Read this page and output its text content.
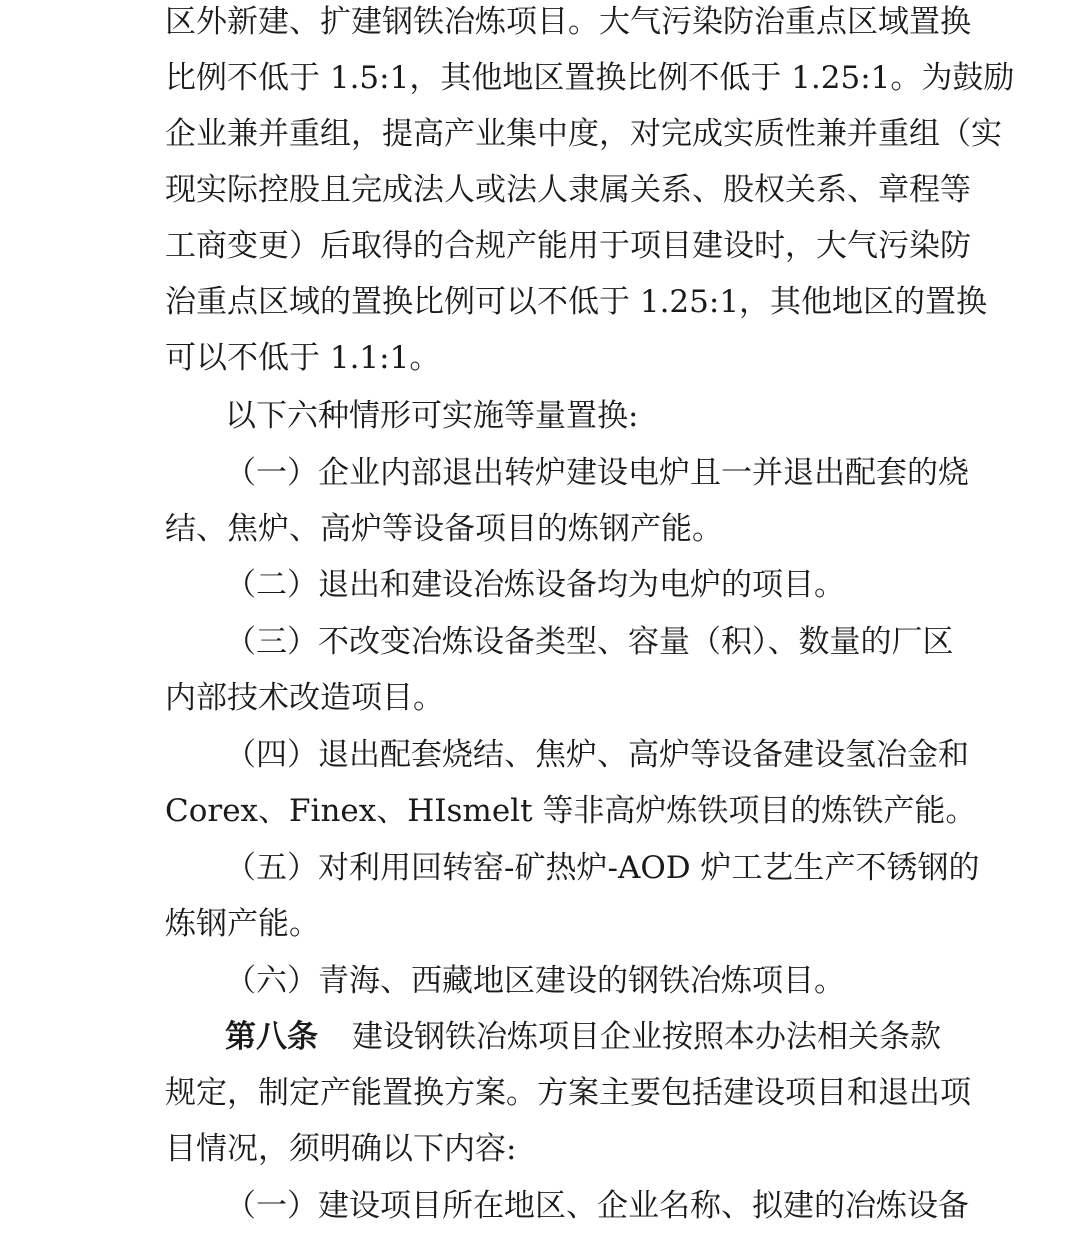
区外新建、扩建钢铁冶炼项目。大气污染防治重点区域置换
比例不低于 1.5:1，其他地区置换比例不低于 1.25:1。为鼓励
企业兼并重组，提高产业集中度，对完成实质性兼并重组（实
现实际控股且完成法人或法人隶属关系、股权关系、章程等
工商变更）后取得的合规产能用于项目建设时，大气污染防
治重点区域的置换比例可以不低于 1.25:1，其他地区的置换
可以不低于 1.1:1。
以下六种情形可实施等量置换:
（一）企业内部退出转炉建设电炉且一并退出配套的烧
结、焦炉、高炉等设备项目的炼钢产能。
（二）退出和建设冶炼设备均为电炉的项目。
（三）不改变冶炼设备类型、容量（积）、数量的厂区
内部技术改造项目。
（四）退出配套烧结、焦炉、高炉等设备建设氢冶金和
Corex、Finex、HIsmelt 等非高炉炼铁项目的炼铁产能。
（五）对利用回转窑-矿热炉-AOD 炉工艺生产不锈钢的
炼钢产能。
（六）青海、西藏地区建设的钢铁冶炼项目。
第八条 建设钢铁冶炼项目企业按照本办法相关条款
规定，制定产能置换方案。方案主要包括建设项目和退出项
目情况，须明确以下内容:
（一）建设项目所在地区、企业名称、拟建的冶炼设备
